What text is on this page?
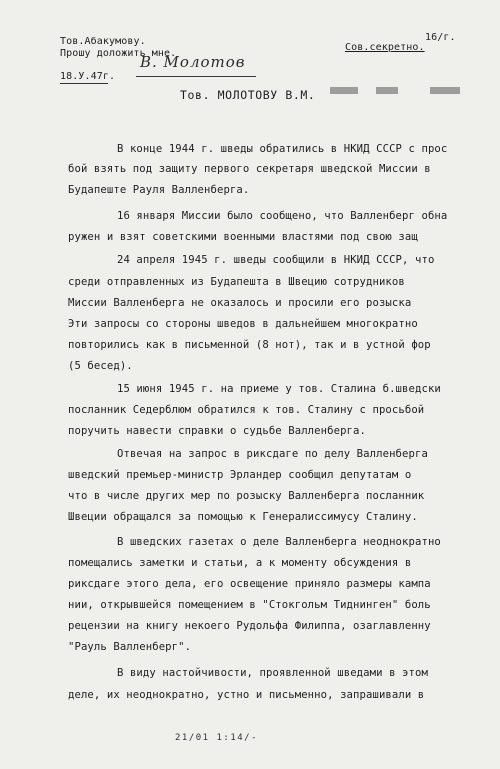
Тов.Абакумову.
Прошу доложить мне.
18.У.47г.
В. Молотов
16/г.
Сов.секретно.
Тов. МОЛОТОВУ В.М.
В конце 1944 г. шведы обратились в НКИД СССР с прос
бой взять под защиту первого секретаря шведской Миссии в
Будапеште Рауля Валленберга.
16 января Миссии было сообщено, что Валленберг обна
ружен и взят советскими военными властями под свою защ
24 апреля 1945 г. шведы сообщили в НКИД СССР, что
среди отправленных из Будапешта в Швецию сотрудников
Миссии Валленберга не оказалось и просили его розыска
Эти запросы со стороны шведов в дальнейшем многократно
повторились как в письменной (8 нот), так и в устной фор
(5 бесед).
15 июня 1945 г. на приеме у тов. Сталина б.шведски
посланник Седерблюм обратился к тов. Сталину с просьбой
поручить навести справки о судьбе Валленберга.
Отвечая на запрос в риксдаге по делу Валленберга
шведский премьер-министр Эрландер сообщил депутатам о
что в числе других мер по розыску Валленберга посланник
Швеции обращался за помощью к Генералиссимусу Сталину.
В шведских газетах о деле Валленберга неоднократно
помещались заметки и статьи, а к моменту обсуждения в
риксдаге этого дела, его освещение приняло размеры кампа
нии, открывшейся помещением в "Стокгольм Тиднинген" боль
рецензии на книгу некоего Рудольфа Филиппа, озаглавленну
"Рауль Валленберг".
В виду настойчивости, проявленной шведами в этом
деле, их неоднократно, устно и письменно, запрашивали в
21/01 1:14/-
